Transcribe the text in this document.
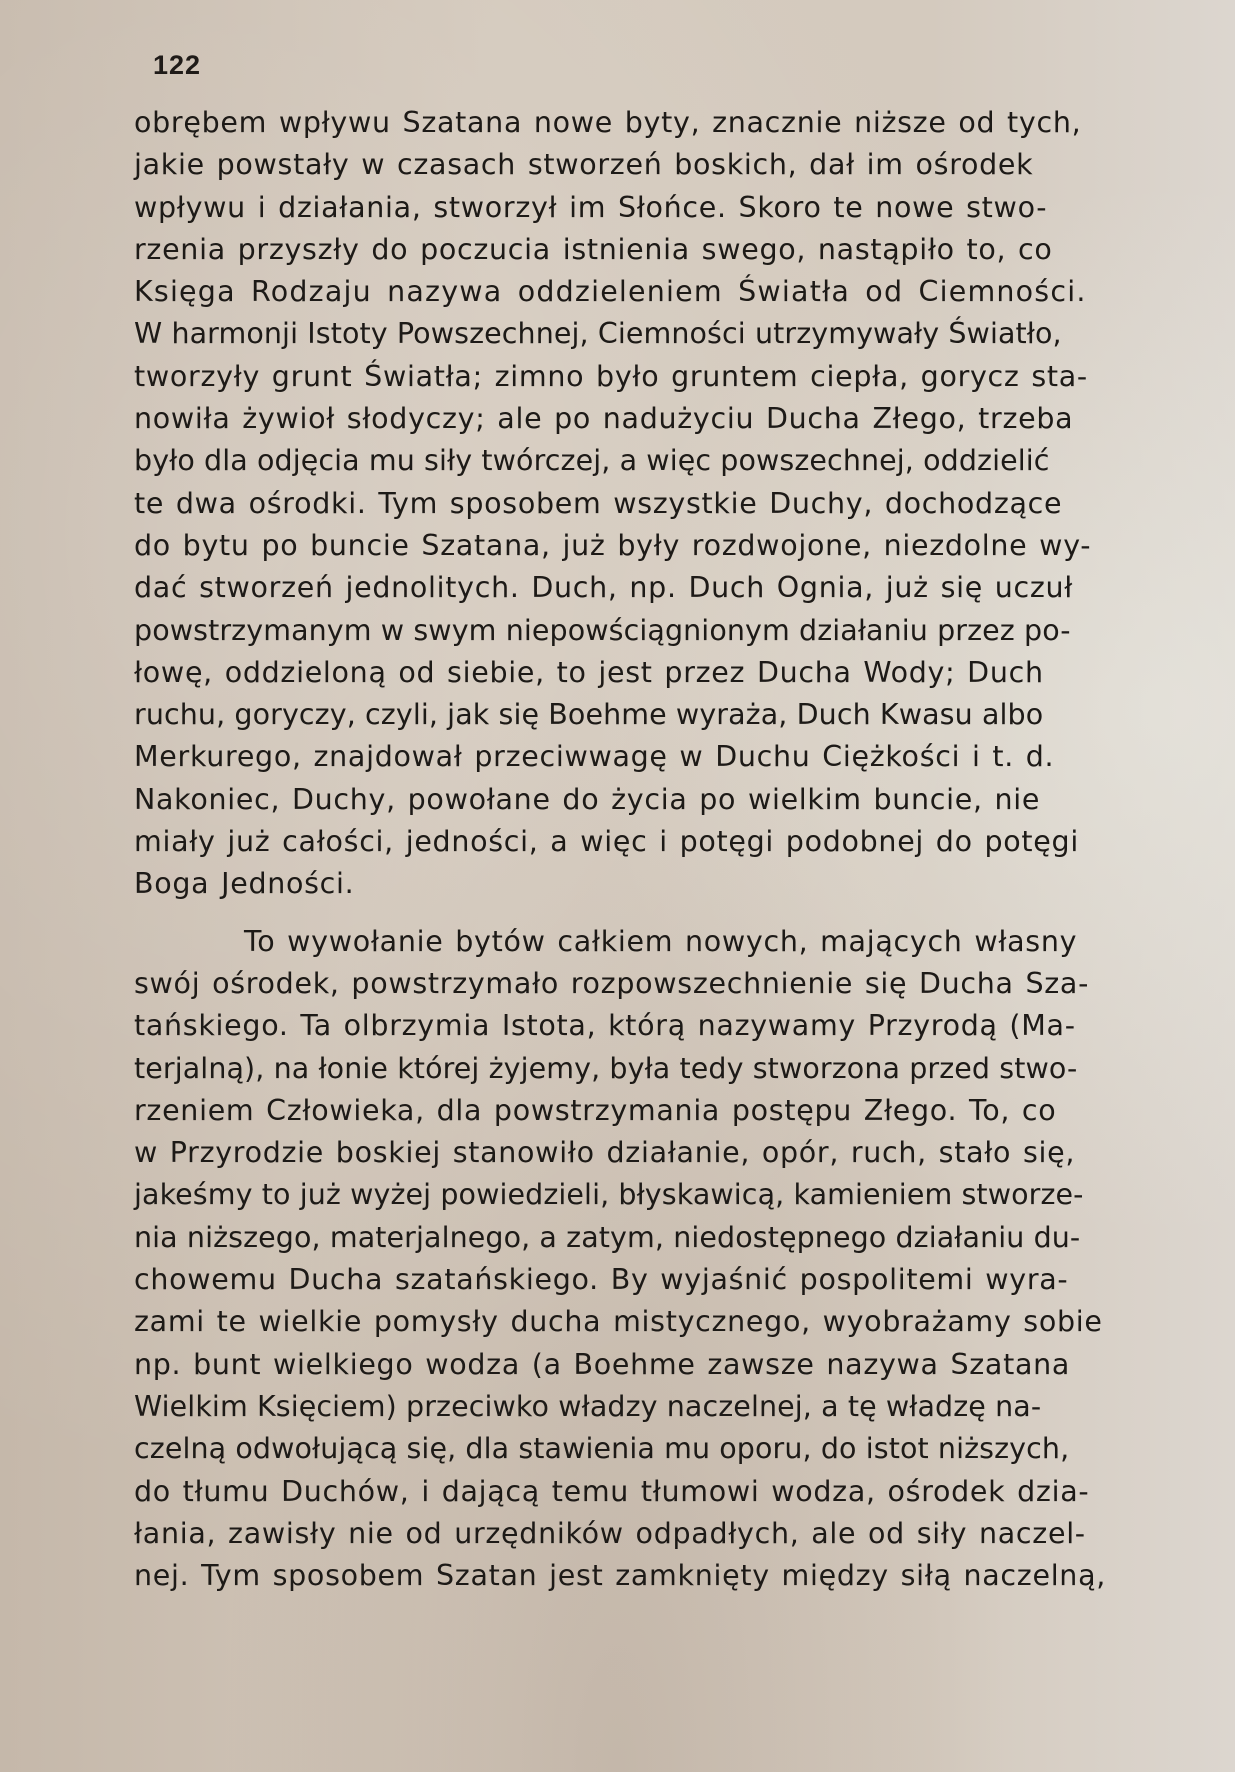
122
obrębem wpływu Szatana nowe byty, znacznie niższe od tych,
jakie powstały w czasach stworzeń boskich, dał im ośrodek
wpływu i działania, stworzył im Słońce. Skoro te nowe stwo-
rzenia przyszły do poczucia istnienia swego, nastąpiło to, co
Księga Rodzaju nazywa oddzieleniem Światła od Ciemności.
W harmonji Istoty Powszechnej, Ciemności utrzymywały Światło,
tworzyły grunt Światła; zimno było gruntem ciepła, gorycz sta-
nowiła żywioł słodyczy; ale po nadużyciu Ducha Złego, trzeba
było dla odjęcia mu siły twórczej, a więc powszechnej, oddzielić
te dwa ośrodki. Tym sposobem wszystkie Duchy, dochodzące
do bytu po buncie Szatana, już były rozdwojone, niezdolne wy-
dać stworzeń jednolitych. Duch, np. Duch Ognia, już się uczuł
powstrzymanym w swym niepowściągnionym działaniu przez po-
łowę, oddzieloną od siebie, to jest przez Ducha Wody; Duch
ruchu, goryczy, czyli, jak się Boehme wyraża, Duch Kwasu albo
Merkurego, znajdował przeciwwagę w Duchu Ciężkości i t. d.
Nakoniec, Duchy, powołane do życia po wielkim buncie, nie
miały już całości, jedności, a więc i potęgi podobnej do potęgi
Boga Jedności.
To wywołanie bytów całkiem nowych, mających własny
swój ośrodek, powstrzymało rozpowszechnienie się Ducha Sza-
tańskiego. Ta olbrzymia Istota, którą nazywamy Przyrodą (Ma-
terjalną), na łonie której żyjemy, była tedy stworzona przed stwo-
rzeniem Człowieka, dla powstrzymania postępu Złego. To, co
w Przyrodzie boskiej stanowiło działanie, opór, ruch, stało się,
jakeśmy to już wyżej powiedzieli, błyskawicą, kamieniem stworze-
nia niższego, materjalnego, a zatym, niedostępnego działaniu du-
chowemu Ducha szatańskiego. By wyjaśnić pospolitemi wyra-
zami te wielkie pomysły ducha mistycznego, wyobrażamy sobie
np. bunt wielkiego wodza (a Boehme zawsze nazywa Szatana
Wielkim Księciem) przeciwko władzy naczelnej, a tę władzę na-
czelną odwołującą się, dla stawienia mu oporu, do istot niższych,
do tłumu Duchów, i dającą temu tłumowi wodza, ośrodek dzia-
łania, zawisły nie od urzędników odpadłych, ale od siły naczel-
nej. Tym sposobem Szatan jest zamknięty między siłą naczelną,
